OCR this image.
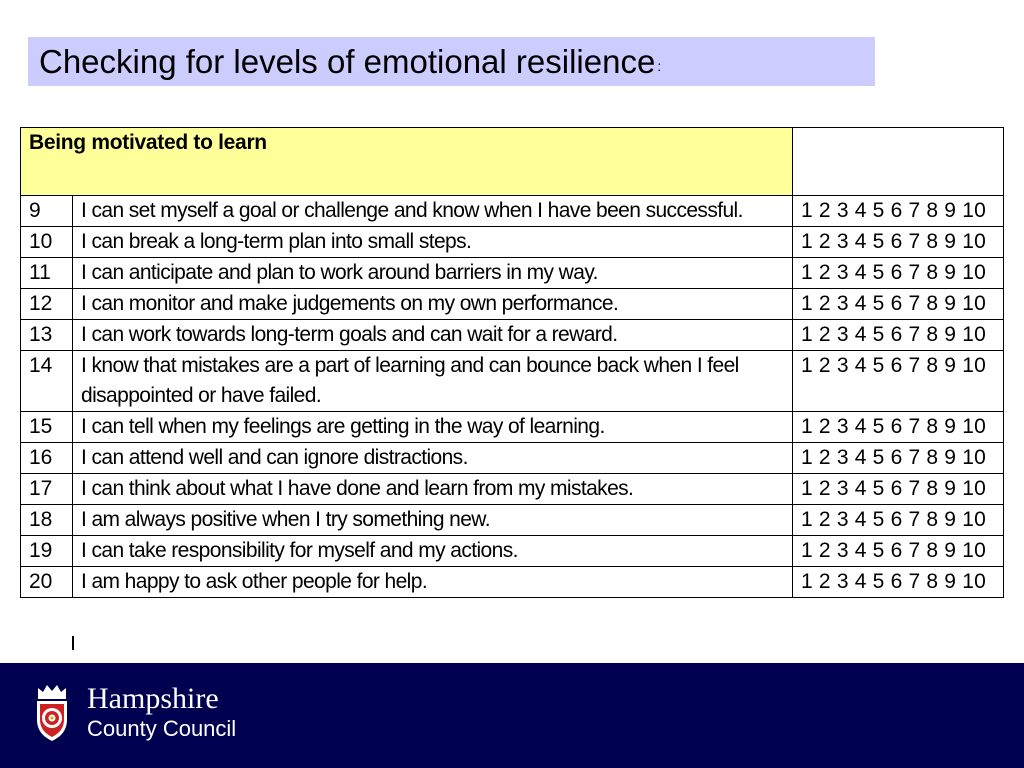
Checking for levels of emotional resilience :
Being motivated to learn		
9	I can set myself a goal or challenge and know when I have been successful.	1 2 3 4 5 6 7 8 9 10
10	I can break a long-term plan into small steps.	1 2 3 4 5 6 7 8 9 10
11	I can anticipate and plan to work around barriers in my way.	1 2 3 4 5 6 7 8 9 10
12	I can monitor and make judgements on my own performance.	1 2 3 4 5 6 7 8 9 10
13	I can work towards long-term goals and can wait for a reward.	1 2 3 4 5 6 7 8 9 10
14	I know that mistakes are a part of learning and can bounce back when I feel disappointed or have failed.	1 2 3 4 5 6 7 8 9 10
15	I can tell when my feelings are getting in the way of learning.	1 2 3 4 5 6 7 8 9 10
16	I can attend well and can ignore distractions.	1 2 3 4 5 6 7 8 9 10
17	I can think about what I have done and learn from my mistakes.	1 2 3 4 5 6 7 8 9 10
18	I am always positive when I try something new.	1 2 3 4 5 6 7 8 9 10
19	I can take responsibility for myself and my actions.	1 2 3 4 5 6 7 8 9 10
20	I am happy to ask other people for help.	1 2 3 4 5 6 7 8 9 10
Hampshire
County Council
